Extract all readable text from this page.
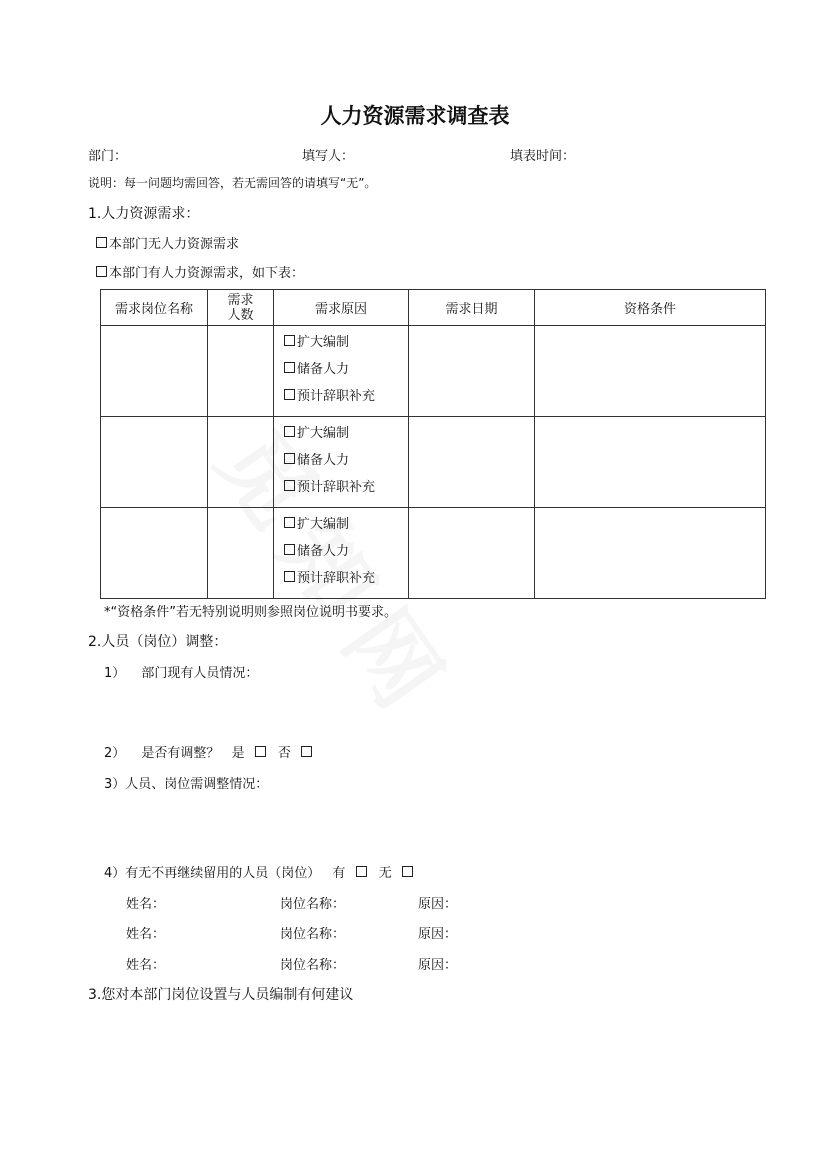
人力资源需求调查表
部门：	填写人：	填表时间：
说明：每一问题均需回答，若无需回答的请填写“无”。
1.人力资源需求：
本部门无人力资源需求
本部门有人力资源需求，如下表：
需求岗位名称	需求
人数	需求原因	需求日期	资格条件

		扩大编制
储备人力
预计辞职补充		

		扩大编制
储备人力
预计辞职补充		

		扩大编制
储备人力
预计辞职补充		

*“资格条件”若无特别说明则参照岗位说明书要求。
2.人员（岗位）调整：
1） 部门现有人员情况：
2） 是否有调整？ 是	否
3）人员、岗位需调整情况：
4）有无不再继续留用的人员（岗位） 有	无
姓名：	岗位名称：	原因：
姓名：	岗位名称：	原因：
姓名：	岗位名称：	原因：
3.您对本部门岗位设置与人员编制有何建议
